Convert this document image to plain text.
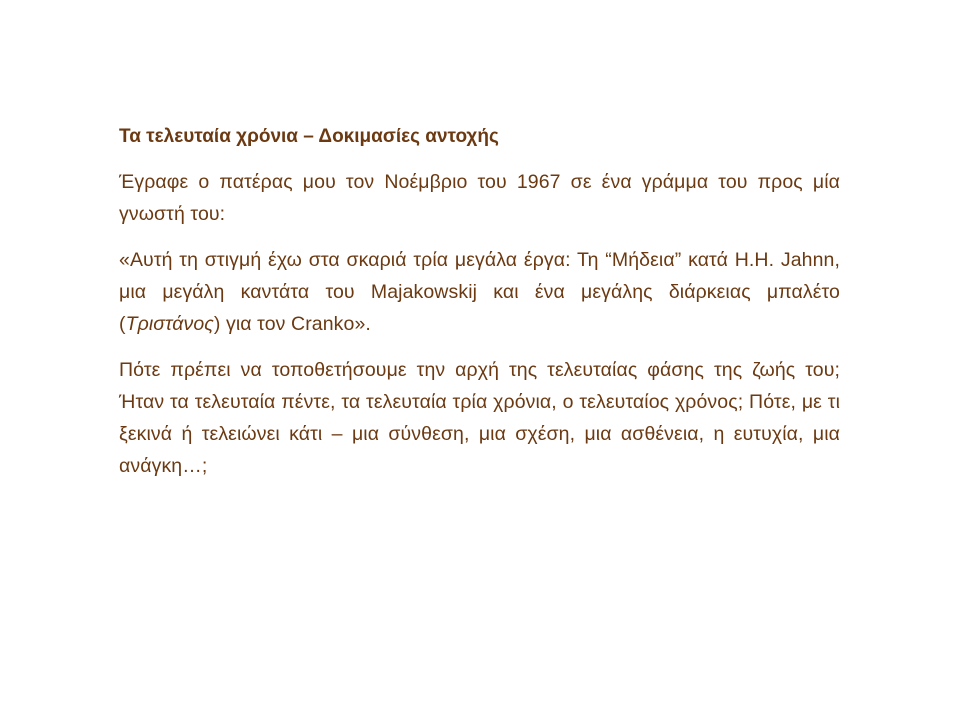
Τα τελευταία χρόνια – Δοκιμασίες αντοχής

Έγραφε ο πατέρας μου τον Νοέμβριο του 1967 σε ένα γράμμα του προς μία γνωστή του:

«Αυτή τη στιγμή έχω στα σκαριά τρία μεγάλα έργα: Τη “Μήδεια” κατά H.H. Jahnn, μια μεγάλη καντάτα του Majakowskij και ένα μεγάλης διάρκειας μπαλέτο (Τριστάνος) για τον Cranko».

Πότε πρέπει να τοποθετήσουμε την αρχή της τελευταίας φάσης της ζωής του; Ήταν τα τελευταία πέντε, τα τελευταία τρία χρόνια, ο τελευταίος χρόνος; Πότε, με τι ξεκινά ή τελειώνει κάτι – μια σύνθεση, μια σχέση, μια ασθένεια, η ευτυχία, μια ανάγκη…;
